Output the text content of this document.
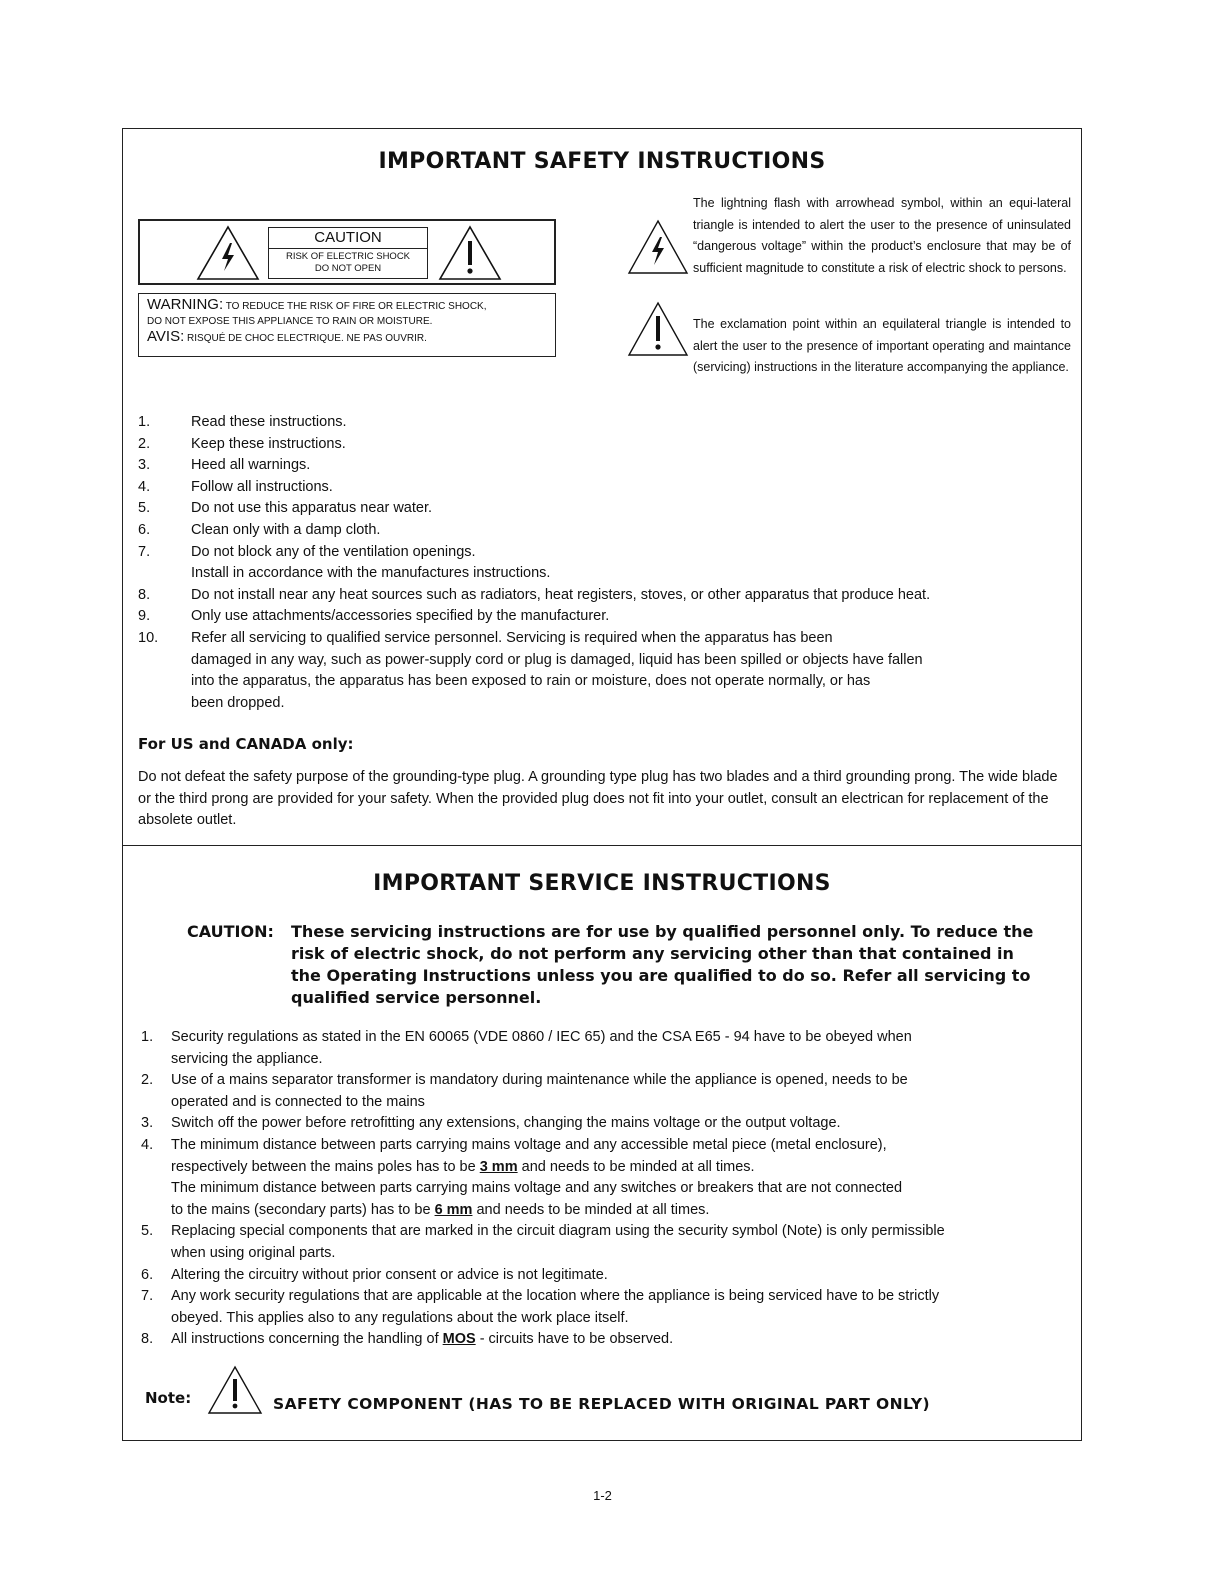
IMPORTANT SAFETY INSTRUCTIONS
CAUTION
RISK OF ELECTRIC SHOCK
DO NOT OPEN
WARNING: TO REDUCE THE RISK OF FIRE OR ELECTRIC SHOCK,
DO NOT EXPOSE THIS APPLIANCE TO RAIN OR MOISTURE.
AVIS: RISQUÉ DE CHOC ELECTRIQUE. NE PAS OUVRIR.
The lightning flash with arrowhead symbol, within an equi-lateral triangle is intended to alert the user to the presence of uninsulated “dangerous voltage” within the product’s enclosure that may be of sufficient magnitude to constitute a risk of electric shock to persons.
The exclamation point within an equilateral triangle is intended to alert the user to the presence of important operating and maintance (servicing) instructions in the literature accompanying the appliance.
1.	Read these instructions.
2.	Keep these instructions.
3.	Heed all warnings.
4.	Follow all instructions.
5.	Do not use this apparatus near water.
6.	Clean only with a damp cloth.
7.	Do not block any of the ventilation openings.
Install in accordance with the manufactures instructions.
8.	Do not install near any heat sources such as radiators, heat registers, stoves, or other apparatus that produce heat.
9.	Only use attachments/accessories specified by the manufacturer.
10.	Refer all servicing to qualified service personnel. Servicing is required when the apparatus has been
damaged in any way, such as power-supply cord or plug is damaged, liquid has been spilled or objects have fallen
into the apparatus, the apparatus has been exposed to rain or moisture, does not operate normally, or has
been dropped.
For US and CANADA only:
Do not defeat the safety purpose of the grounding-type plug. A grounding type plug has two blades and a third grounding prong. The wide blade or the third prong are provided for your safety. When the provided plug does not fit into your outlet, consult an electrican for replacement of the absolete outlet.
IMPORTANT SERVICE INSTRUCTIONS
CAUTION:	These servicing instructions are for use by qualified personnel only. To reduce the risk of electric shock, do not perform any servicing other than that contained in the Operating Instructions unless you are qualified to do so. Refer all servicing to qualified service personnel.
1.	Security regulations as stated in the EN 60065 (VDE 0860 / IEC 65) and the CSA E65 - 94 have to be obeyed when
servicing the appliance.
2.	Use of a mains separator transformer is mandatory during maintenance while the appliance is opened, needs to be
operated and is connected to the mains
3.	Switch off the power before retrofitting any extensions, changing the mains voltage or the output voltage.
4.	The minimum distance between parts carrying mains voltage and any accessible metal piece (metal enclosure),
respectively between the mains poles has to be 3 mm and needs to be minded at all times.
The minimum distance between parts carrying mains voltage and any switches or breakers that are not connected
to the mains (secondary parts) has to be 6 mm and needs to be minded at all times.
5.	Replacing special components that are marked in the circuit diagram using the security symbol (Note) is only permissible
when using original parts.
6.	Altering the circuitry without prior consent or advice is not legitimate.
7.	Any work security regulations that are applicable at the location where the appliance is being serviced have to be strictly
obeyed. This applies also to any regulations about the work place itself.
8.	All instructions concerning the handling of MOS - circuits have to be observed.
Note:	SAFETY COMPONENT (HAS TO BE REPLACED WITH ORIGINAL PART ONLY)
1-2
